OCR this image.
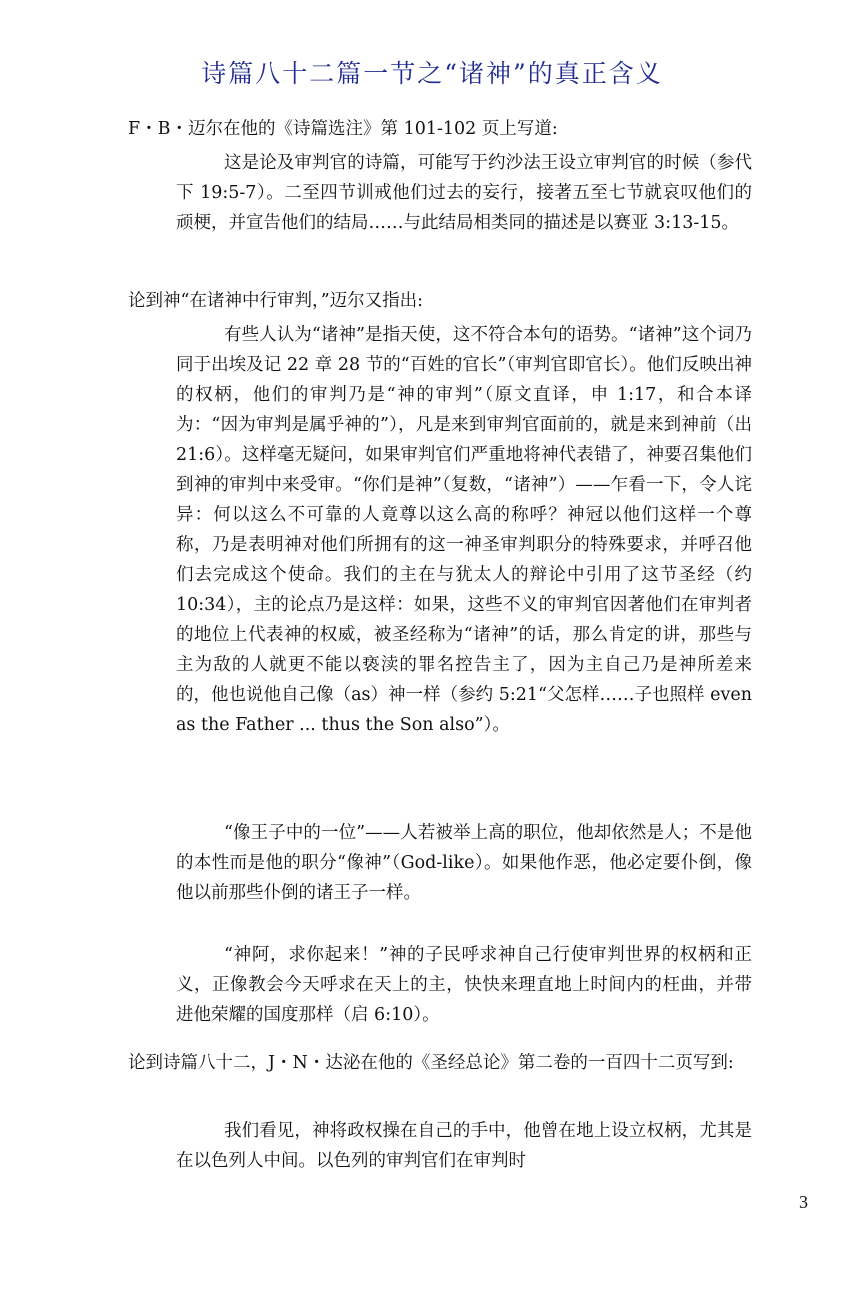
诗篇八十二篇一节之“诸神”的真正含义

F・B・迈尔在他的《诗篇选注》第 101-102 页上写道:

这是论及审判官的诗篇，可能写于约沙法王设立审判官的时候（参代下 19:5-7）。二至四节训戒他们过去的妄行，接著五至七节就哀叹他们的顽梗，并宣告他们的结局……与此结局相类同的描述是以赛亚 3:13-15。

论到神“在诸神中行审判，”迈尔又指出:

有些人认为“诸神”是指天使，这不符合本句的语势。“诸神”这个词乃同于出埃及记 22 章 28 节的“百姓的官长”（审判官即官长）。他们反映出神的权柄，他们的审判乃是“神的审判”（原文直译，申 1:17，和合本译为：“因为审判是属乎神的”），凡是来到审判官面前的，就是来到神前（出 21:6）。这样毫无疑问，如果审判官们严重地将神代表错了，神要召集他们到神的审判中来受审。“你们是神”（复数，“诸神”）——乍看一下，令人诧异：何以这么不可靠的人竟尊以这么高的称呼？神冠以他们这样一个尊称，乃是表明神对他们所拥有的这一神圣审判职分的特殊要求，并呼召他们去完成这个使命。我们的主在与犹太人的辩论中引用了这节圣经（约 10:34），主的论点乃是这样：如果，这些不义的审判官因著他们在审判者的地位上代表神的权威，被圣经称为“诸神”的话，那么肯定的讲，那些与主为敌的人就更不能以亵渎的罪名控告主了，因为主自己乃是神所差来的，他也说他自己像（as）神一样（参约 5:21“父怎样……子也照样 even as the Father ... thus the Son also”）。

“像王子中的一位”——人若被举上高的职位，他却依然是人；不是他的本性而是他的职分“像神”（God-like）。如果他作恶，他必定要仆倒，像他以前那些仆倒的诸王子一样。

“神阿，求你起来！”神的子民呼求神自己行使审判世界的权柄和正义，正像教会今天呼求在天上的主，快快来理直地上时间内的枉曲，并带进他荣耀的国度那样（启 6:10）。

论到诗篇八十二，J・N・达泌在他的《圣经总论》第二卷的一百四十二页写到:

我们看见，神将政权操在自己的手中，他曾在地上设立权柄，尤其是在以色列人中间。以色列的审判官们在审判时

3
